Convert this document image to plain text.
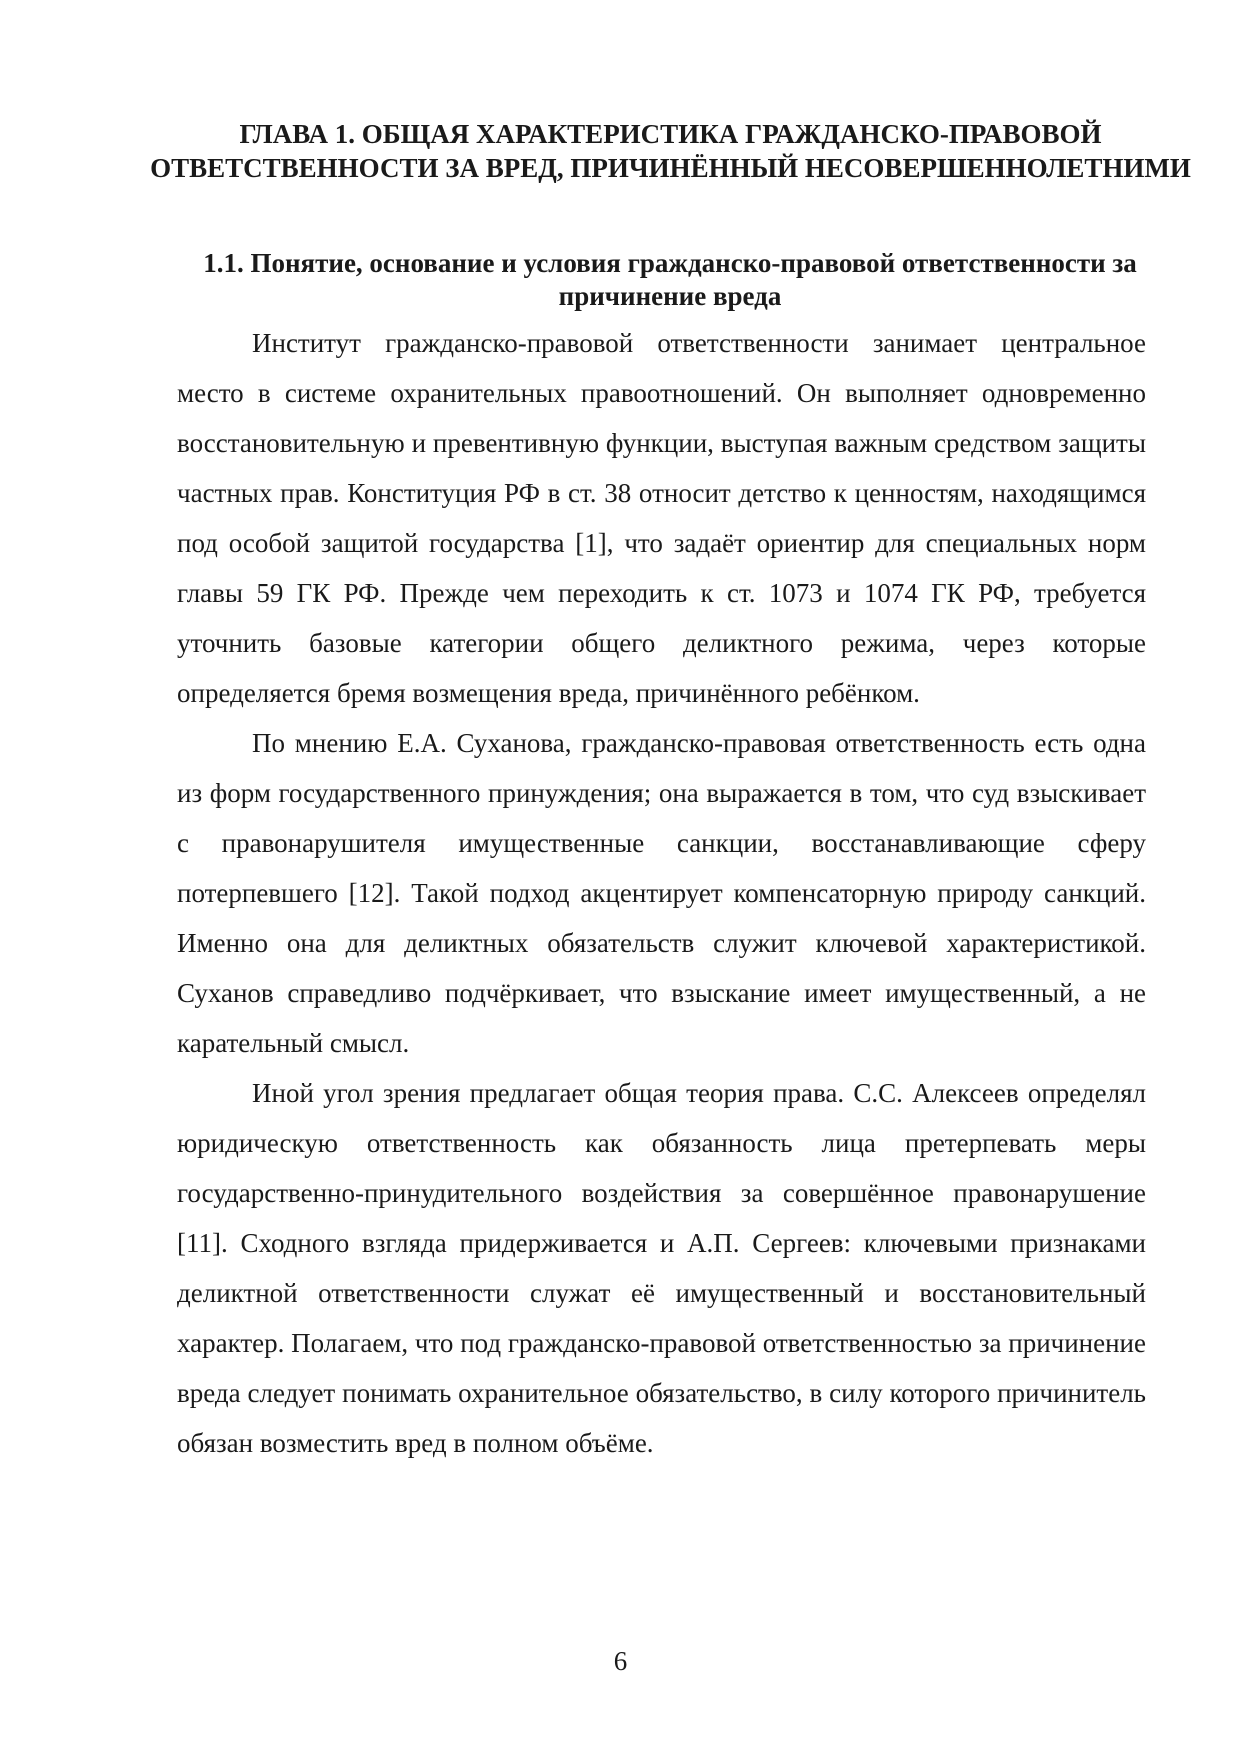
ГЛАВА 1. ОБЩАЯ ХАРАКТЕРИСТИКА ГРАЖДАНСКО-ПРАВОВОЙ ОТВЕТСТВЕННОСТИ ЗА ВРЕД, ПРИЧИНЁННЫЙ НЕСОВЕРШЕННОЛЕТНИМИ
1.1. Понятие, основание и условия гражданско-правовой ответственности за причинение вреда

Институт гражданско-правовой ответственности занимает центральное место в системе охранительных правоотношений. Он выполняет одновременно восстановительную и превентивную функции, выступая важным средством защиты частных прав. Конституция РФ в ст. 38 относит детство к ценностям, находящимся под особой защитой государства [1], что задаёт ориентир для специальных норм главы 59 ГК РФ. Прежде чем переходить к ст. 1073 и 1074 ГК РФ, требуется уточнить базовые категории общего деликтного режима, через которые определяется бремя возмещения вреда, причинённого ребёнком.

По мнению Е.А. Суханова, гражданско-правовая ответственность есть одна из форм государственного принуждения; она выражается в том, что суд взыскивает с правонарушителя имущественные санкции, восстанавливающие сферу потерпевшего [12]. Такой подход акцентирует компенсаторную природу санкций. Именно она для деликтных обязательств служит ключевой характеристикой. Суханов справедливо подчёркивает, что взыскание имеет имущественный, а не карательный смысл.

Иной угол зрения предлагает общая теория права. С.С. Алексеев определял юридическую ответственность как обязанность лица претерпевать меры государственно-принудительного воздействия за совершённое правонарушение [11]. Сходного взгляда придерживается и А.П. Сергеев: ключевыми признаками деликтной ответственности служат её имущественный и восстановительный характер. Полагаем, что под гражданско-правовой ответственностью за причинение вреда следует понимать охранительное обязательство, в силу которого причинитель обязан возместить вред в полном объёме.

6
